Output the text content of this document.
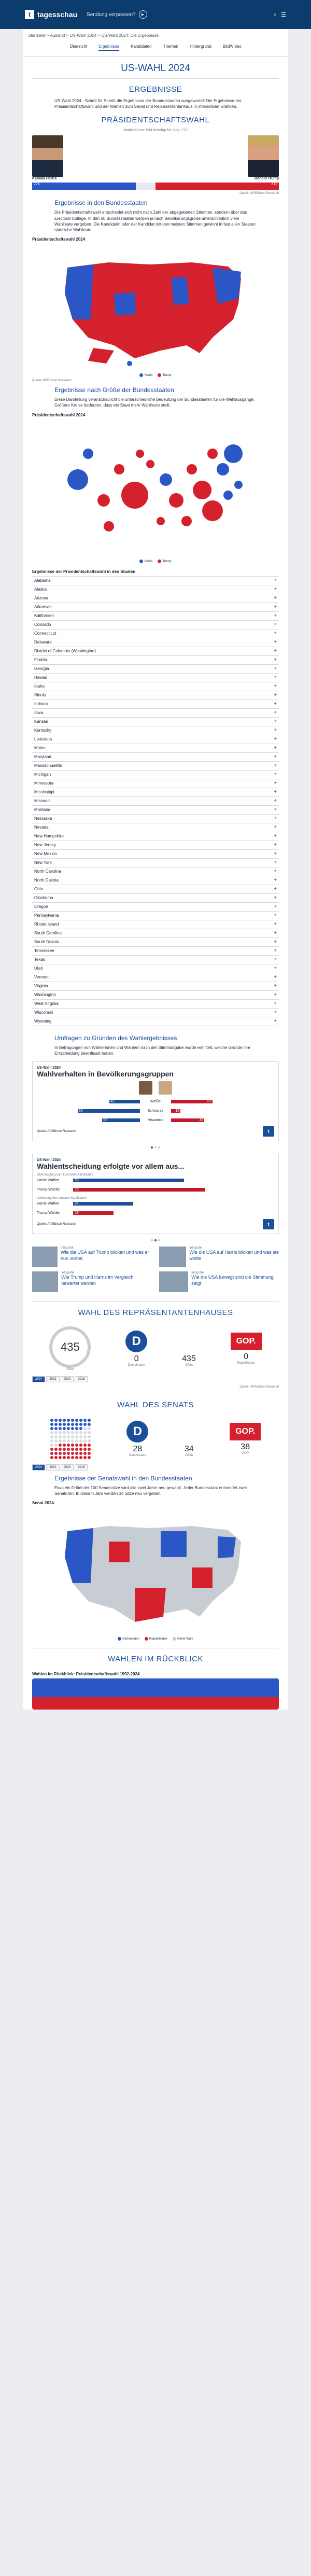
t tagesschau Sendung verpassen?	▶	⌕ ☰
Startseite > Ausland > US-Wahl 2024 > US-Wahl 2024: Die Ergebnisse
Übersicht	Ergebnisse	Kandidaten	Themen	Hintergrund	Bild/Video
US-WAHL 2024
ERGEBNISSE

US-Wahl 2024 - Schritt für Schritt die Ergebnisse der Bundesstaaten ausgewertet: Die Ergebnisse der Präsidentschaftswahl und der Wahlen zum Senat und Repräsentantenhaus in interaktiven Grafiken.

PRÄSIDENTSCHAFTSWAHL
Wahlmänner: 538 benötigt für Sieg: 270
Kamala Harris	Donald Trump
226	312
Quelle: AP/Edison Research
Ergebnisse in den Bundesstaaten

Die Präsidentschaftswahl entscheidet sich nicht nach Zahl der abgegebenen Stimmen, sondern über das Electoral College. In den 50 Bundesstaaten werden je nach Bevölkerungsgröße unterschiedlich viele Wahlleute vergeben. Die Kandidatin oder der Kandidat mit den meisten Stimmen gewinnt in fast allen Staaten sämtliche Wahlleute.

Präsidentschaftswahl 2024
Harris	Trump
Quelle: AP/Edison Research
Ergebnisse nach Größe der Bundesstaaten

Diese Darstellung veranschaulicht die unterschiedliche Bedeutung der Bundesstaaten für die Wahlausgänge. Größere Kreise bedeuten, dass ein Staat mehr Wahlleute stellt.

Präsidentschaftswahl 2024
Harris	Trump
Ergebnisse der Präsidentschaftswahl in den Staaten
Alabama	+
Alaska	+
Arizona	+
Arkansas	+
Kalifornien	+
Colorado	+
Connecticut	+
Delaware	+
District of Columbia (Washington)	+
Florida	+
Georgia	+
Hawaii	+
Idaho	+
Illinois	+
Indiana	+
Iowa	+
Kansas	+
Kentucky	+
Louisiana	+
Maine	+
Maryland	+
Massachusetts	+
Michigan	+
Minnesota	+
Mississippi	+
Missouri	+
Montana	+
Nebraska	+
Nevada	+
New Hampshire	+
New Jersey	+
New Mexico	+
New York	+
North Carolina	+
North Dakota	+
Ohio	+
Oklahoma	+
Oregon	+
Pennsylvania	+
Rhode Island	+
South Carolina	+
South Dakota	+
Tennessee	+
Texas	+
Utah	+
Vermont	+
Virginia	+
Washington	+
West Virginia	+
Wisconsin	+
Wyoming	+
Umfragen zu Gründen des Wahlergebnisses

In Befragungen von Wählerinnen und Wählern nach der Stimmabgabe wurde ermittelt, welche Gründe ihre Entscheidung beeinflusst haben.

US-Wahl 2024
Wahlverhalten in Bevölkerungsgruppen
42	Weiße	57
86	Schwarze	13
52	Hispanics	46
Quelle: AP/Edison Research	t
US-Wahl 2024
Wahlentscheidung erfolgte vor allem aus...
Überzeugung vom kürzesten Kandidaten
Harris-Wähler	63
Trump-Wähler	75
Ablehnung des anderen Kandidaten
Harris-Wähler	34
Trump-Wähler	23
Quelle: AP/Edison Research	t
Infografik
Wie die USA auf Trump blicken und was er nun vorhat
Infografik
Wie Trump und Harris im Vergleich bewertet werden
Infografik
Wie die USA auf Harris blicken und was sie wollte
Infografik
Wie die USA bewegt sind die Stimmung zeigt
WAHL DES REPRÄSENTANTENHAUSES
435
Sitze
D
0
Demokraten
435
Offen
GOP.
0
Republikaner
2024	2022	2020	2018
Quelle: AP/Edison Research
WAHL DES SENATS
D
28
Demokraten
34
Offen
GOP.
38
GOP
2024	2022	2020	2018
Ergebnisse der Senatswahl in den Bundesstaaten

Etwa ein Drittel der 100 Senatssitze wird alle zwei Jahre neu gewählt. Jeder Bundesstaat entsendet zwei Senatoren. In diesem Jahr werden 34 Sitze neu vergeben.

Senat 2024
Demokraten	Republikaner	Keine Wahl
WAHLEN IM RÜCKBLICK
Wahlen im Rückblick: Präsidentschaftswahl 1992-2024
